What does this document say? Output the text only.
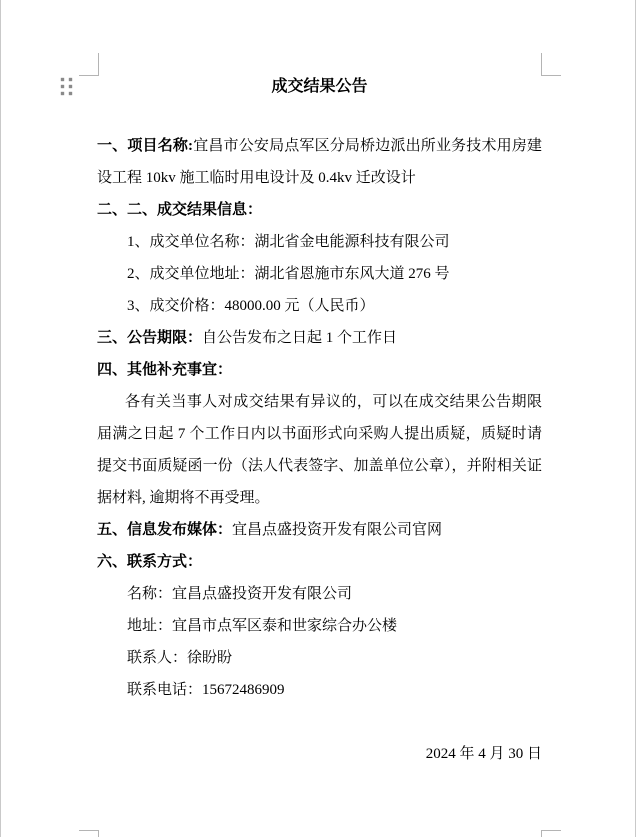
成交结果公告

一、项目名称:宜昌市公安局点军区分局桥边派出所业务技术用房建设工程 10kv 施工临时用电设计及 0.4kv 迁改设计

二、二、成交结果信息：

1、成交单位名称：湖北省金电能源科技有限公司

2、成交单位地址：湖北省恩施市东风大道 276 号

3、成交价格：48000.00 元（人民币）

三、公告期限：自公告发布之日起 1 个工作日

四、其他补充事宜：

各有关当事人对成交结果有异议的，可以在成交结果公告期限届满之日起 7 个工作日内以书面形式向采购人提出质疑，质疑时请提交书面质疑函一份（法人代表签字、加盖单位公章），并附相关证据材料, 逾期将不再受理。

五、信息发布媒体：宜昌点盛投资开发有限公司官网

六、联系方式：

名称：宜昌点盛投资开发有限公司

地址：宜昌市点军区泰和世家综合办公楼

联系人：徐盼盼

联系电话：15672486909

2024 年 4 月 30 日
